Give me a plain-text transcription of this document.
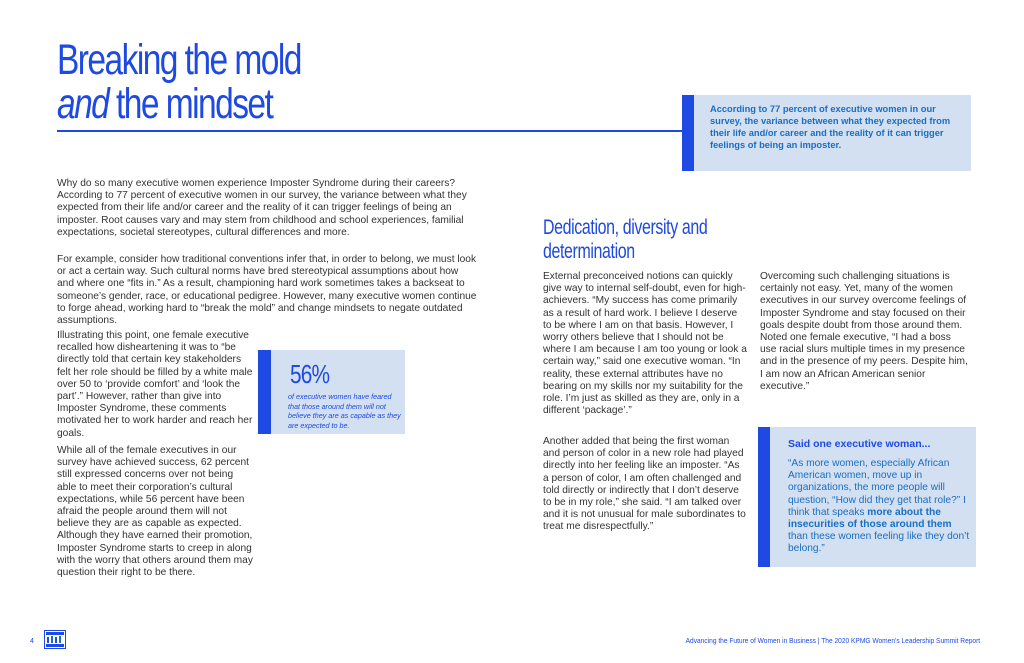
Breaking the mold
and the mindset	According to 77 percent of executive women in our survey, the variance between what they expected from their life and/or career and the reality of it can trigger feelings of being an imposter.

Why do so many executive women experience Imposter Syndrome during their careers? According to 77 percent of executive women in our survey, the variance between what they expected from their life and/or career and the reality of it can trigger feelings of being an imposter. Root causes vary and may stem from childhood and school experiences, familial expectations, societal stereotypes, cultural differences and more.

For example, consider how traditional conventions infer that, in order to belong, we must look or act a certain way. Such cultural norms have bred stereotypical assumptions about how and where one “fits in.” As a result, championing hard work sometimes takes a backseat to someone’s gender, race, or educational pedigree. However, many executive women continue to forge ahead, working hard to “break the mold” and change mindsets to negate outdated assumptions.

Illustrating this point, one female executive recalled how disheartening it was to “be directly told that certain key stakeholders felt her role should be filled by a white male over 50 to ‘provide comfort’ and ‘look the part’.” However, rather than give into Imposter Syndrome, these comments motivated her to work harder and reach her goals.

While all of the female executives in our survey have achieved success, 62 percent still expressed concerns over not being able to meet their corporation’s cultural expectations, while 56 percent have been afraid the people around them will not believe they are as capable as expected. Although they have earned their promotion, Imposter Syndrome starts to creep in along with the worry that others around them may question their right to be there.

56%

of executive women have feared that those around them will not believe they are as capable as they are expected to be.

Dedication, diversity and
determination

External preconceived notions can quickly give way to internal self-doubt, even for high-achievers. “My success has come primarily as a result of hard work. I believe I deserve to be where I am on that basis. However, I worry others believe that I should not be where I am because I am too young or look a certain way,” said one executive woman. “In reality, these external attributes have no bearing on my skills nor my suitability for the role. I’m just as skilled as they are, only in a different ‘package’.”

Another added that being the first woman and person of color in a new role had played directly into her feeling like an imposter. “As a person of color, I am often challenged and told directly or indirectly that I don’t deserve to be in my role,” she said. “I am talked over and it is not unusual for male subordinates to treat me disrespectfully.”

Overcoming such challenging situations is certainly not easy. Yet, many of the women executives in our survey overcome feelings of Imposter Syndrome and stay focused on their goals despite doubt from those around them. Noted one female executive, “I had a boss use racial slurs multiple times in my presence and in the presence of my peers. Despite him, I am now an African American senior executive.”

Said one executive woman...

“As more women, especially African American women, move up in organizations, the more people will question, “How did they get that role?” I think that speaks more about the insecurities of those around them than these women feeling like they don’t belong.”

4	Advancing the Future of Women in Business | The 2020 KPMG Women’s Leadership Summit Report
